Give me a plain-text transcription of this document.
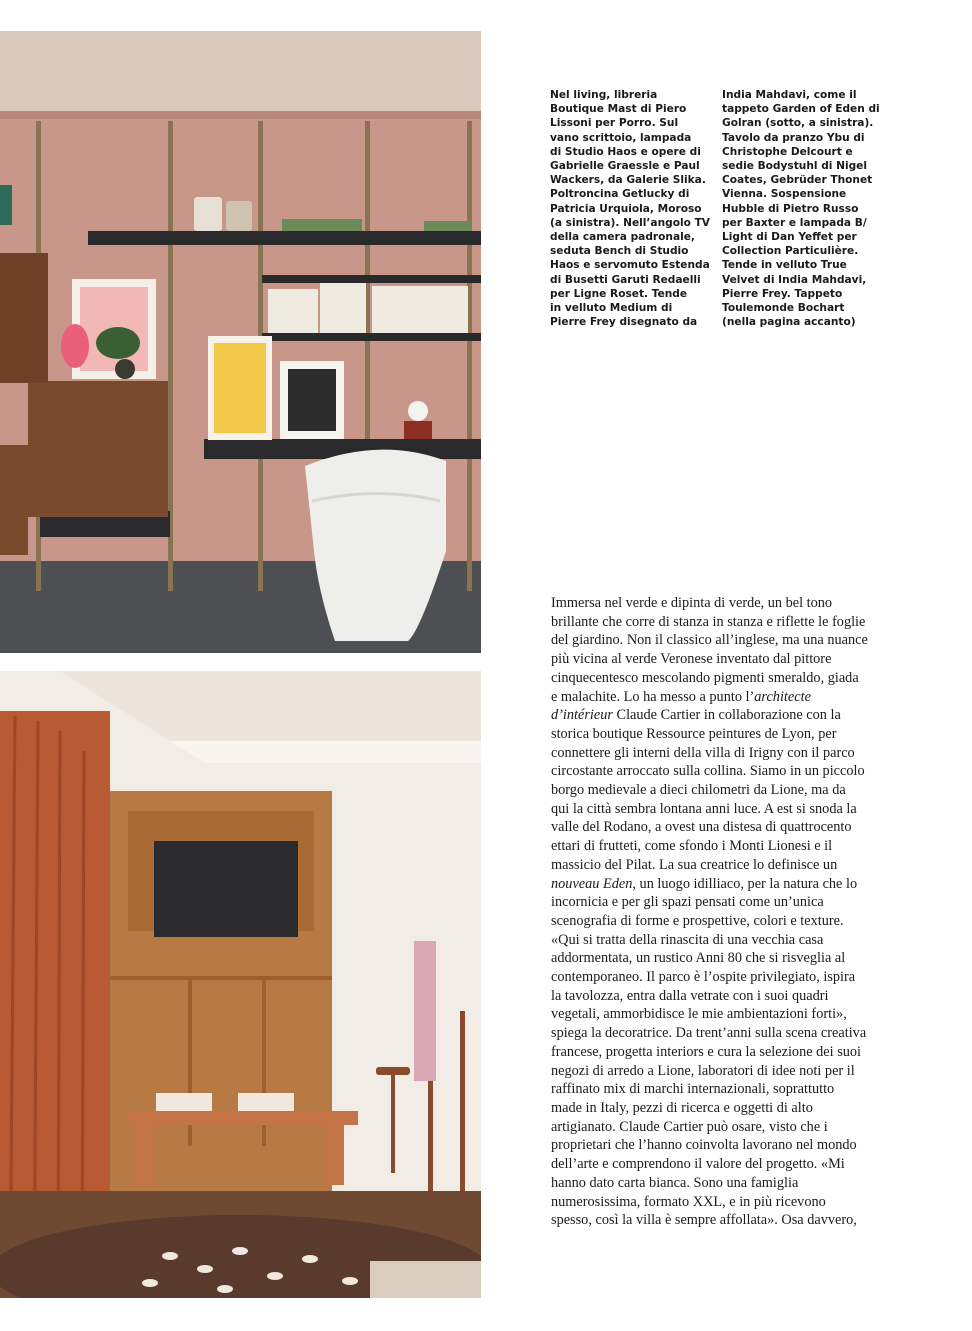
Nel living, libreria
Boutique Mast di Piero
Lissoni per Porro. Sul
vano scrittoio, lampada
di Studio Haos e opere di
Gabrielle Graessle e Paul
Wackers, da Galerie Slika.
Poltroncina Getlucky di
Patricia Urquiola, Moroso
(a sinistra). Nell’angolo TV
della camera padronale,
seduta Bench di Studio
Haos e servomuto Estenda
di Busetti Garuti Redaelli
per Ligne Roset. Tende
in velluto Medium di
Pierre Frey disegnato da

India Mahdavi, come il
tappeto Garden of Eden di
Golran (sotto, a sinistra).
Tavolo da pranzo Ybu di
Christophe Delcourt e
sedie Bodystuhl di Nigel
Coates, Gebrüder Thonet
Vienna. Sospensione
Hubble di Pietro Russo
per Baxter e lampada B/
Light di Dan Yeffet per
Collection Particulière.
Tende in velluto True
Velvet di India Mahdavi,
Pierre Frey. Tappeto
Toulemonde Bochart
(nella pagina accanto)

Immersa nel verde e dipinta di verde, un bel tono
brillante che corre di stanza in stanza e riflette le foglie
del giardino. Non il classico all’inglese, ma una nuance
più vicina al verde Veronese inventato dal pittore
cinquecentesco mescolando pigmenti smeraldo, giada
e malachite. Lo ha messo a punto l’architecte
d’intérieur Claude Cartier in collaborazione con la
storica boutique Ressource peintures de Lyon, per
connettere gli interni della villa di Irigny con il parco
circostante arroccato sulla collina. Siamo in un piccolo
borgo medievale a dieci chilometri da Lione, ma da
qui la città sembra lontana anni luce. A est si snoda la
valle del Rodano, a ovest una distesa di quattrocento
ettari di frutteti, come sfondo i Monti Lionesi e il
massicio del Pilat. La sua creatrice lo definisce un
nouveau Eden, un luogo idilliaco, per la natura che lo
incornicia e per gli spazi pensati come un’unica
scenografia di forme e prospettive, colori e texture.
«Qui si tratta della rinascita di una vecchia casa
addormentata, un rustico Anni 80 che si risveglia al
contemporaneo. Il parco è l’ospite privilegiato, ispira
la tavolozza, entra dalla vetrate con i suoi quadri
vegetali, ammorbidisce le mie ambientazioni forti»,
spiega la decoratrice. Da trent’anni sulla scena creativa
francese, progetta interiors e cura la selezione dei suoi
negozi di arredo a Lione, laboratori di idee noti per il
raffinato mix di marchi internazionali, soprattutto
made in Italy, pezzi di ricerca e oggetti di alto
artigianato. Claude Cartier può osare, visto che i
proprietari che l’hanno coinvolta lavorano nel mondo
dell’arte e comprendono il valore del progetto. «Mi
hanno dato carta bianca. Sono una famiglia
numerosissima, formato XXL, e in più ricevono
spesso, così la villa è sempre affollata». Osa davvero,
